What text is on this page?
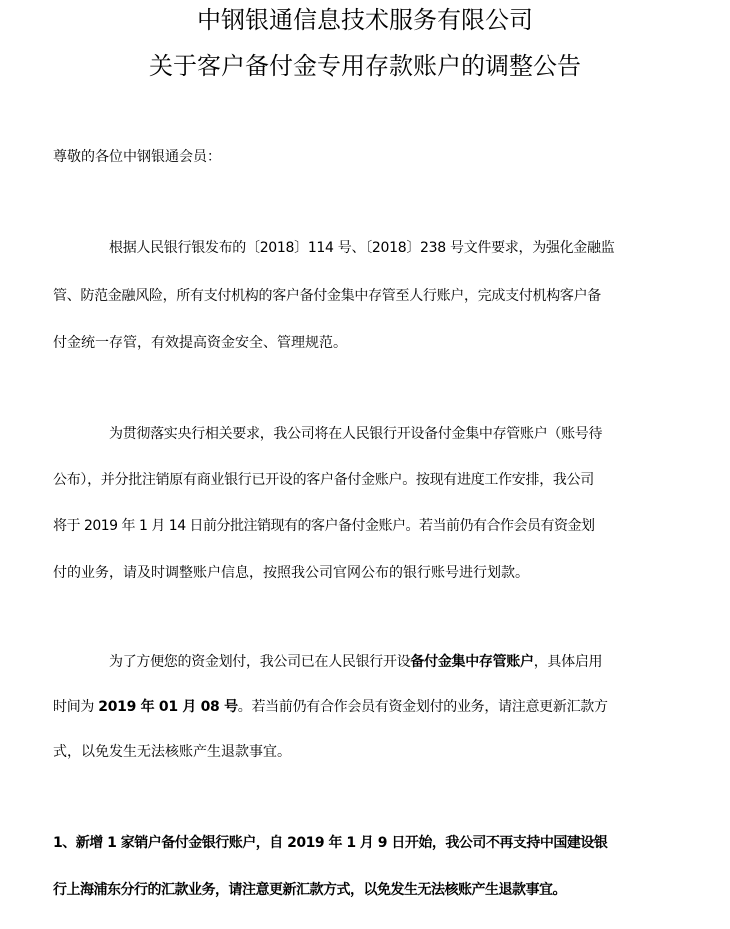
中钢银通信息技术服务有限公司
关于客户备付金专用存款账户的调整公告
尊敬的各位中钢银通会员：
根据人民银行银发布的〔2018〕114 号、〔2018〕238 号文件要求，为强化金融监
管、防范金融风险，所有支付机构的客户备付金集中存管至人行账户，完成支付机构客户备
付金统一存管，有效提高资金安全、管理规范。
为贯彻落实央行相关要求，我公司将在人民银行开设备付金集中存管账户（账号待
公布），并分批注销原有商业银行已开设的客户备付金账户。按现有进度工作安排，我公司
将于 2019 年 1 月 14 日前分批注销现有的客户备付金账户。若当前仍有合作会员有资金划
付的业务，请及时调整账户信息，按照我公司官网公布的银行账号进行划款。
为了方便您的资金划付，我公司已在人民银行开设备付金集中存管账户，具体启用
时间为 2019 年 01 月 08 号。若当前仍有合作会员有资金划付的业务，请注意更新汇款方
式，以免发生无法核账产生退款事宜。
1、新增 1 家销户备付金银行账户，自 2019 年 1 月 9 日开始，我公司不再支持中国建设银
行上海浦东分行的汇款业务，请注意更新汇款方式，以免发生无法核账产生退款事宜。
